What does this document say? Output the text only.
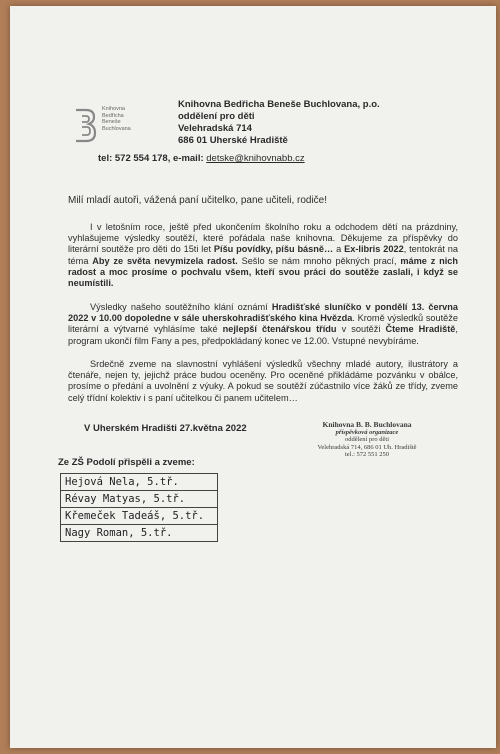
Knihovna
Bedřicha
Beneše
Buchlovana
Knihovna Bedřicha Beneše Buchlovana, p.o.
oddělení pro děti
Velehradská 714
686 01 Uherské Hradiště
tel: 572 554 178, e-mail: detske@knihovnabb.cz
Milí mladí autoři, vážená paní učitelko, pane učiteli, rodiče!
I v letošním roce, ještě před ukončením školního roku a odchodem dětí na prázdniny, vyhlašujeme výsledky soutěží, které pořádala naše knihovna. Děkujeme za příspěvky do literární soutěže pro děti do 15ti let Píšu povídky, píšu básně… a Ex-libris 2022, tentokrát na téma Aby ze světa nevymizela radost. Sešlo se nám mnoho pěkných prací, máme z nich radost a moc prosíme o pochvalu všem, kteří svou práci do soutěže zaslali, i když se neumístili.
Výsledky našeho soutěžního klání oznámí Hradišťské sluníčko v pondělí 13. června 2022 v 10.00 dopoledne v sále uherskohradišťského kina Hvězda. Kromě výsledků soutěže literární a výtvarné vyhlásíme také nejlepší čtenářskou třídu v soutěži Čteme Hradiště, program ukončí film Fany a pes, předpokládaný konec ve 12.00. Vstupné nevybíráme.
Srdečně zveme na slavnostní vyhlášení výsledků všechny mladé autory, ilustrátory a čtenáře, nejen ty, jejichž práce budou oceněny. Pro oceněné přikládáme pozvánku v obálce, prosíme o předání a uvolnění z výuky. A pokud se soutěží zúčastnilo více žáků ze třídy, zveme celý třídní kolektiv i s paní učitelkou či panem učitelem…
V Uherském Hradišti 27.května 2022	Knihovna B. B. Buchlovana
příspěvková organizace
oddělení pro děti
Velehradská 714, 686 01 Uh. Hradiště
tel.: 572 551 250
Ze ZŠ Podolí přispěli a zveme:
Hejová Nela, 5.tř.
Révay Matyas, 5.tř.
Křemeček Tadeáš, 5.tř.
Nagy Roman, 5.tř.
